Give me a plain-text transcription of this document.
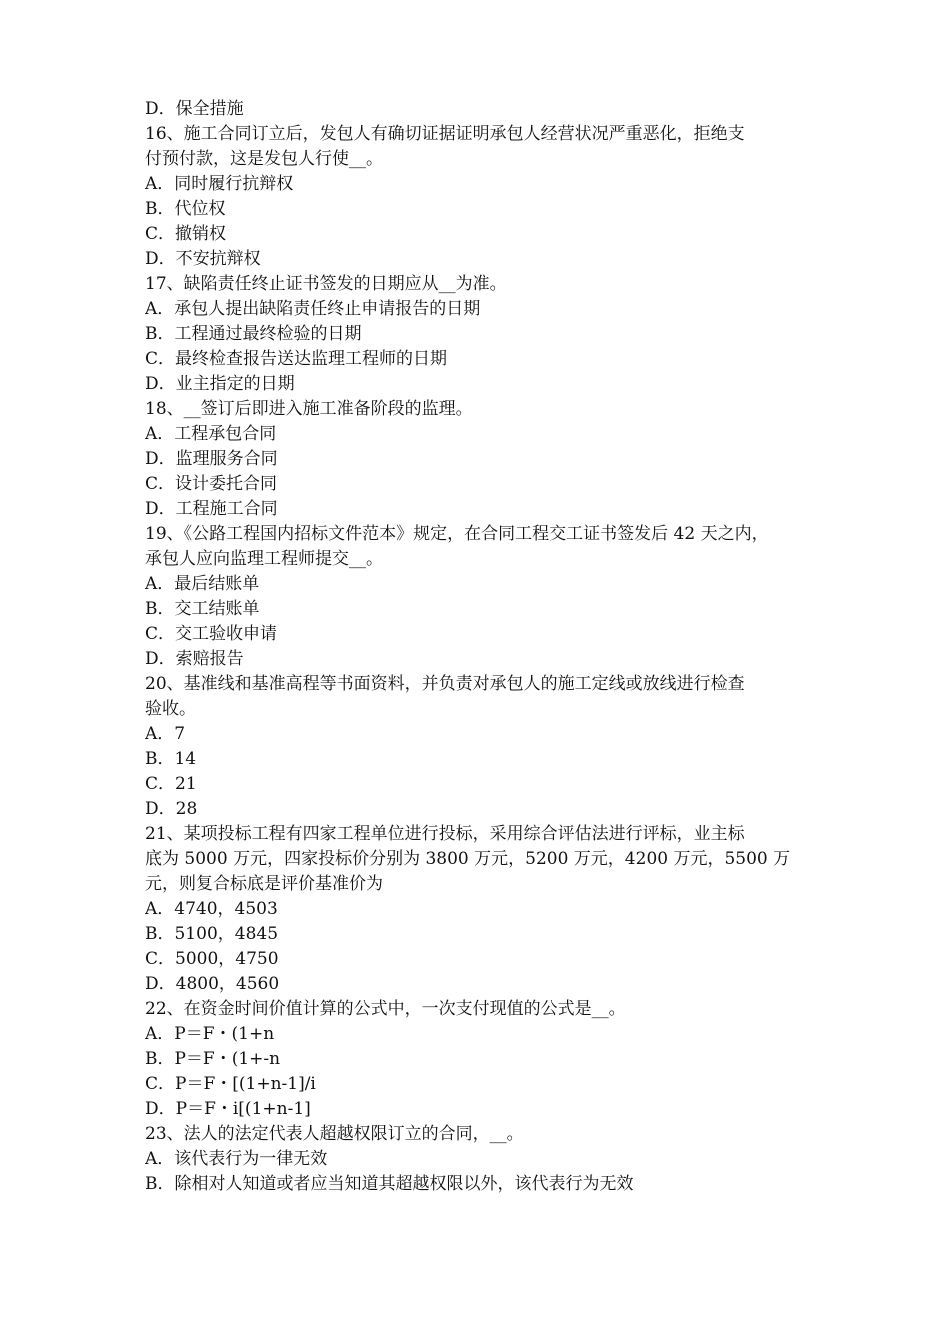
D．保全措施
16、施工合同订立后，发包人有确切证据证明承包人经营状况严重恶化，拒绝支
付预付款，这是发包人行使__。
A．同时履行抗辩权
B．代位权
C．撤销权
D．不安抗辩权
17、缺陷责任终止证书签发的日期应从__为准。
A．承包人提出缺陷责任终止申请报告的日期
B．工程通过最终检验的日期
C．最终检查报告送达监理工程师的日期
D．业主指定的日期
18、__签订后即进入施工准备阶段的监理。
A．工程承包合同
D．监理服务合同
C．设计委托合同
D．工程施工合同
19、《公路工程国内招标文件范本》规定，在合同工程交工证书签发后 42 天之内，
承包人应向监理工程师提交__。
A．最后结账单
B．交工结账单
C．交工验收申请
D．索赔报告
20、基准线和基准高程等书面资料，并负责对承包人的施工定线或放线进行检查
验收。
A．7
B．14
C．21
D．28
21、某项投标工程有四家工程单位进行投标，采用综合评估法进行评标，业主标
底为 5000 万元，四家投标价分别为 3800 万元，5200 万元，4200 万元，5500 万
元，则复合标底是评价基准价为
A．4740，4503
B．5100，4845
C．5000，4750
D．4800，4560
22、在资金时间价值计算的公式中，一次支付现值的公式是__。
A．P＝F・(1+n
B．P＝F・(1+-n
C．P＝F・[(1+n-1]/i
D．P＝F・i[(1+n-1]
23、法人的法定代表人超越权限订立的合同，__。
A．该代表行为一律无效
B．除相对人知道或者应当知道其超越权限以外，该代表行为无效
